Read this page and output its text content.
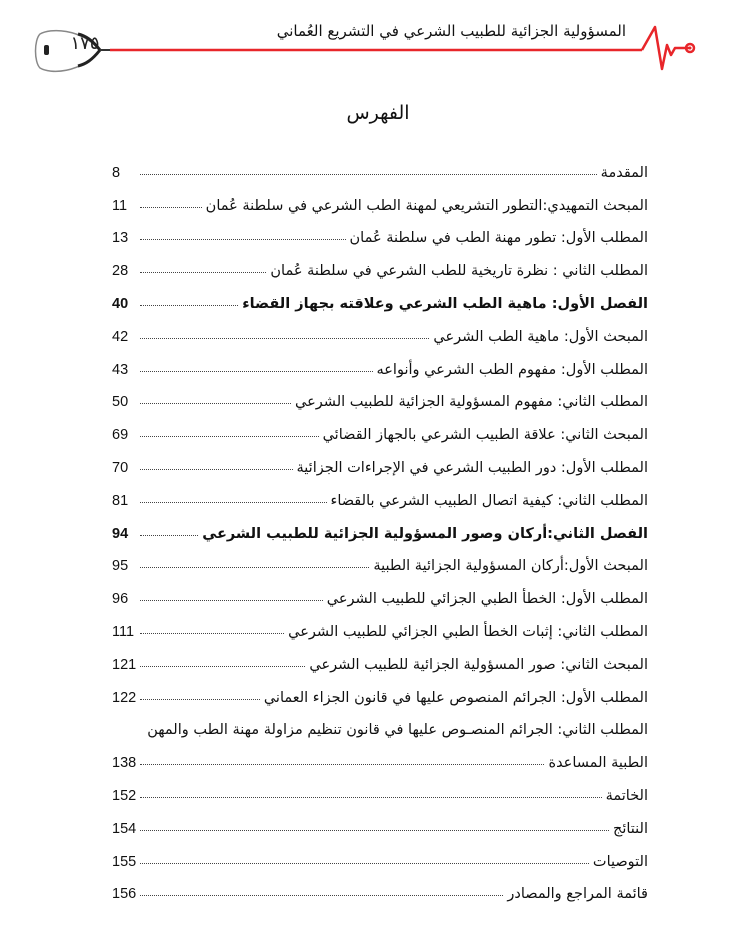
١٧٥
المسؤولية الجزائية للطبيب الشرعي في التشريع العُماني
الفهرس
المقدمة
8
المبحث التمهيدي:التطور التشريعي لمهنة الطب الشرعي في سلطنة عُمان
11
المطلب الأول: تطور مهنة الطب في سلطنة عُمان
13
المطلب الثاني : نظرة تاريخية للطب الشرعي في سلطنة عُمان
28
الفصل الأول: ماهية الطب الشرعي وعلاقته بجهاز القضاء
40
المبحث الأول: ماهية الطب الشرعي
42
المطلب الأول: مفهوم الطب الشرعي وأنواعه
43
المطلب الثاني: مفهوم المسؤولية الجزائية للطبيب الشرعي
50
المبحث الثاني: علاقة الطبيب الشرعي بالجهاز القضائي
69
المطلب الأول: دور الطبيب الشرعي في الإجراءات الجزائية
70
المطلب الثاني: كيفية اتصال الطبيب الشرعي بالقضاء
81
الفصل الثاني:أركان وصور المسؤولية الجزائية للطبيب الشرعي
94
المبحث الأول:أركان المسؤولية الجزائية الطبية
95
المطلب الأول: الخطأ الطبي الجزائي للطبيب الشرعي
96
المطلب الثاني: إثبات الخطأ الطبي الجزائي للطبيب الشرعي
111
المبحث الثاني: صور المسؤولية الجزائية للطبيب الشرعي
121
المطلب الأول: الجرائم المنصوص عليها في قانون الجزاء العماني
122
المطلب الثاني: الجرائم المنصـوص عليها في قانون تنظيم مزاولة مهنة الطب والمهن
الطبية المساعدة
138
الخاتمة
152
النتائج
154
التوصيات
155
قائمة المراجع والمصادر
156
